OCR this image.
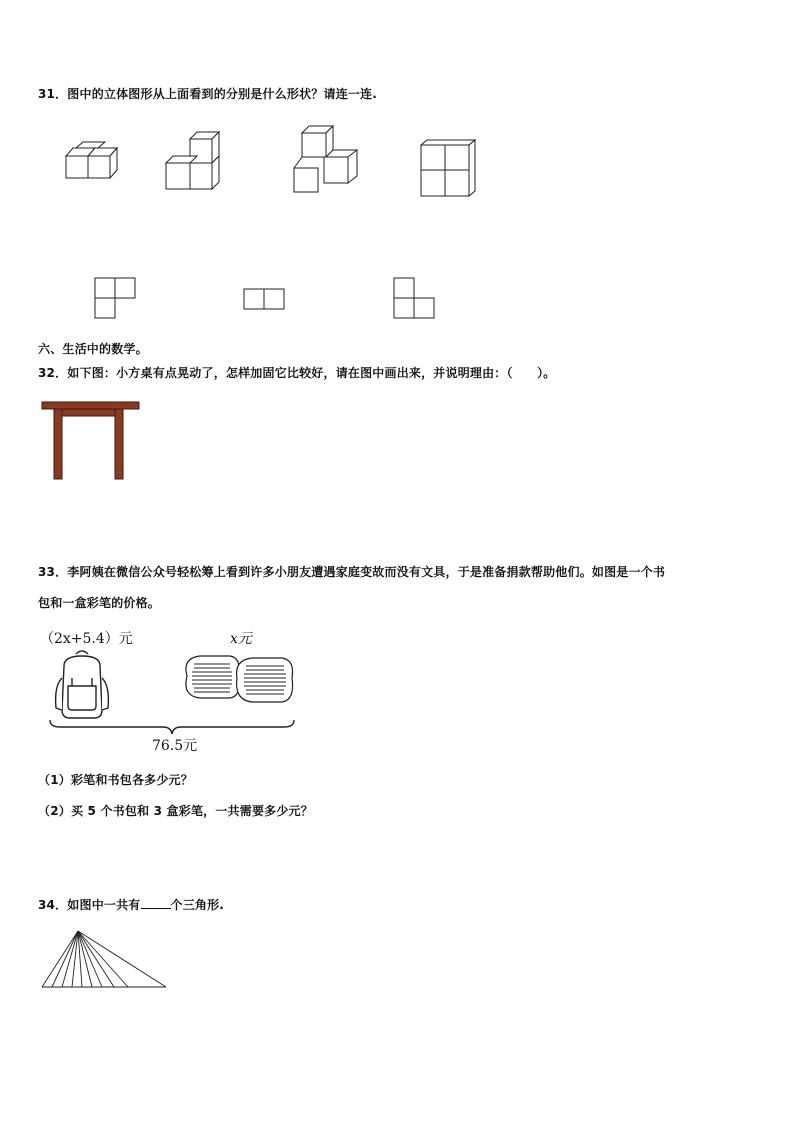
31．图中的立体图形从上面看到的分别是什么形状？请连一连.
六、生活中的数学。
32．如下图：小方桌有点晃动了，怎样加固它比较好，请在图中画出来，并说明理由：（　　）。
33．李阿姨在微信公众号轻松筹上看到许多小朋友遭遇家庭变故而没有文具，于是准备捐款帮助他们。如图是一个书
包和一盒彩笔的价格。
（2x+5.4）元	x元
76.5元
（1）彩笔和书包各多少元？
（2）买 5 个书包和 3 盒彩笔，一共需要多少元？
34．如图中一共有	个三角形.
